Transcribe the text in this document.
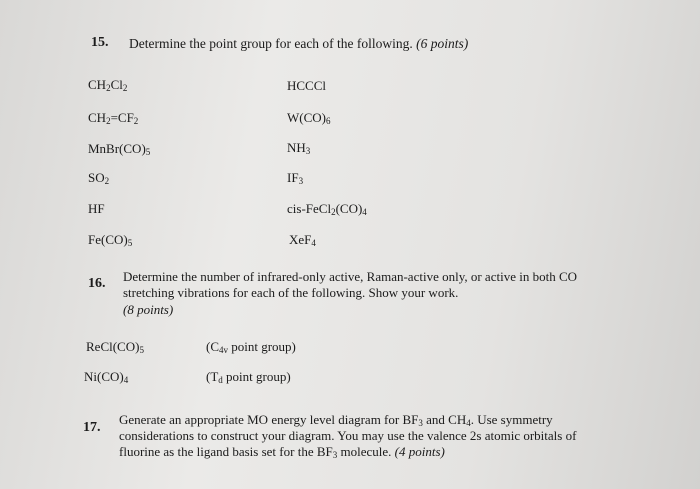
15. Determine the point group for each of the following. (6 points)
$CH_2Cl_2$
$CH_2=CF_2$
$MnBr(CO)_5$
$SO_2$
HF
$Fe(CO)_5$
HCCCl
$W(CO)_6$
$NH_3$
$IF_3$
cis-$FeCl_2(CO)_4$
XeF$_4$
16. Determine the number of infrared-only active, Raman-active only, or active in both CO
stretching vibrations for each of the following. Show your work.
(8 points)
$ReCl(CO)_5$	($C_{4v}$ point group)
$Ni(CO)_4$	($T_d$ point group)
17.
Generate an appropriate MO energy level diagram for $BF_3$ and $CH_4$. Use symmetry
considerations to construct your diagram. You may use the valence 2s atomic orbitals of
fluorine as the ligand basis set for the $BF_3$ molecule. (4 points)
